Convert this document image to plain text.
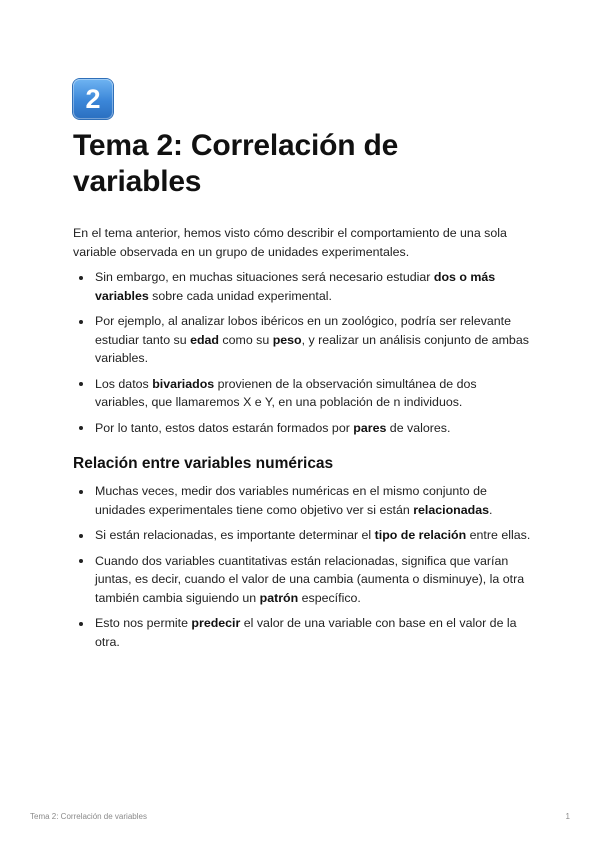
2
Tema 2: Correlación de variables

En el tema anterior, hemos visto cómo describir el comportamiento de una sola variable observada en un grupo de unidades experimentales.

Sin embargo, en muchas situaciones será necesario estudiar dos o más variables sobre cada unidad experimental.
Por ejemplo, al analizar lobos ibéricos en un zoológico, podría ser relevante estudiar tanto su edad como su peso, y realizar un análisis conjunto de ambas variables.
Los datos bivariados provienen de la observación simultánea de dos variables, que llamaremos X e Y, en una población de n individuos.
Por lo tanto, estos datos estarán formados por pares de valores.
Relación entre variables numéricas
Muchas veces, medir dos variables numéricas en el mismo conjunto de unidades experimentales tiene como objetivo ver si están relacionadas.
Si están relacionadas, es importante determinar el tipo de relación entre ellas.
Cuando dos variables cuantitativas están relacionadas, significa que varían juntas, es decir, cuando el valor de una cambia (aumenta o disminuye), la otra también cambia siguiendo un patrón específico.
Esto nos permite predecir el valor de una variable con base en el valor de la otra.
Tema 2: Correlación de variables	1
